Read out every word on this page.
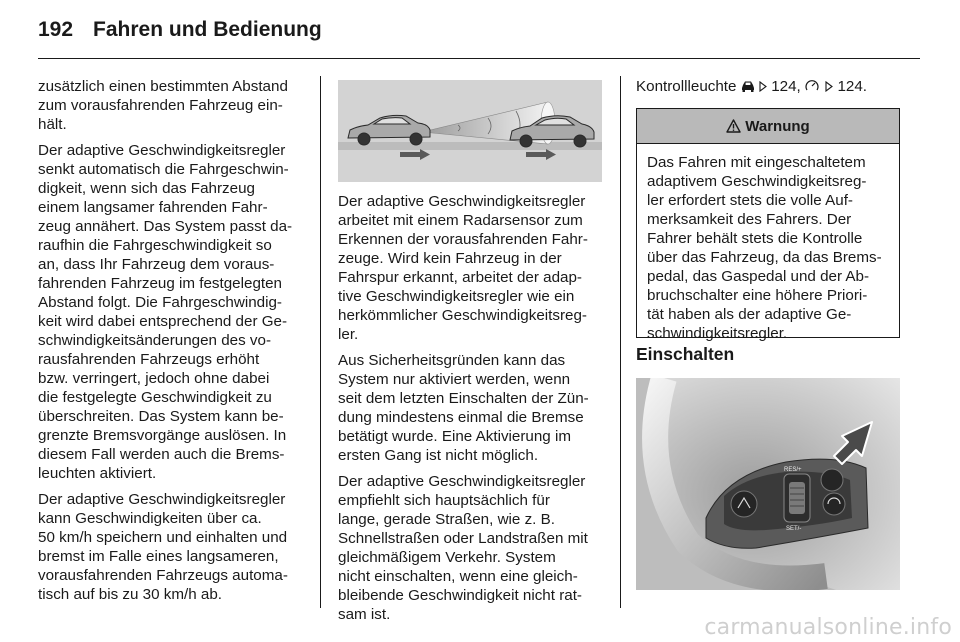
192 Fahren und Bedienung

zusätzlich einen bestimmten Abstand
zum vorausfahrenden Fahrzeug ein-
hält.

Der adaptive Geschwindigkeitsregler
senkt automatisch die Fahrgeschwin-
digkeit, wenn sich das Fahrzeug
einem langsamer fahrenden Fahr-
zeug annähert. Das System passt da-
raufhin die Fahrgeschwindigkeit so
an, dass Ihr Fahrzeug dem voraus-
fahrenden Fahrzeug im festgelegten
Abstand folgt. Die Fahrgeschwindig-
keit wird dabei entsprechend der Ge-
schwindigkeitsänderungen des vo-
rausfahrenden Fahrzeugs erhöht
bzw. verringert, jedoch ohne dabei
die festgelegte Geschwindigkeit zu
überschreiten. Das System kann be-
grenzte Bremsvorgänge auslösen. In
diesem Fall werden auch die Brems-
leuchten aktiviert.

Der adaptive Geschwindigkeitsregler
kann Geschwindigkeiten über ca.
50 km/h speichern und einhalten und
bremst im Falle eines langsameren,
vorausfahrenden Fahrzeugs automa-
tisch auf bis zu 30 km/h ab.

Der adaptive Geschwindigkeitsregler
arbeitet mit einem Radarsensor zum
Erkennen der vorausfahrenden Fahr-
zeuge. Wird kein Fahrzeug in der
Fahrspur erkannt, arbeitet der adap-
tive Geschwindigkeitsregler wie ein
herkömmlicher Geschwindigkeitsreg-
ler.

Aus Sicherheitsgründen kann das
System nur aktiviert werden, wenn
seit dem letzten Einschalten der Zün-
dung mindestens einmal die Bremse
betätigt wurde. Eine Aktivierung im
ersten Gang ist nicht möglich.

Der adaptive Geschwindigkeitsregler
empfiehlt sich hauptsächlich für
lange, gerade Straßen, wie z. B.
Schnellstraßen oder Landstraßen mit
gleichmäßigem Verkehr. System
nicht einschalten, wenn eine gleich-
bleibende Geschwindigkeit nicht rat-
sam ist.

Kontrollleuchte 124, 124.

Warnung
Das Fahren mit eingeschaltetem
adaptivem Geschwindigkeitsreg-
ler erfordert stets die volle Auf-
merksamkeit des Fahrers. Der
Fahrer behält stets die Kontrolle
über das Fahrzeug, da das Brems-
pedal, das Gaspedal und der Ab-
bruchschalter eine höhere Priori-
tät haben als der adaptive Ge-
schwindigkeitsregler.
Einschalten
RES/+
SET/-
carmanualsonline.info
